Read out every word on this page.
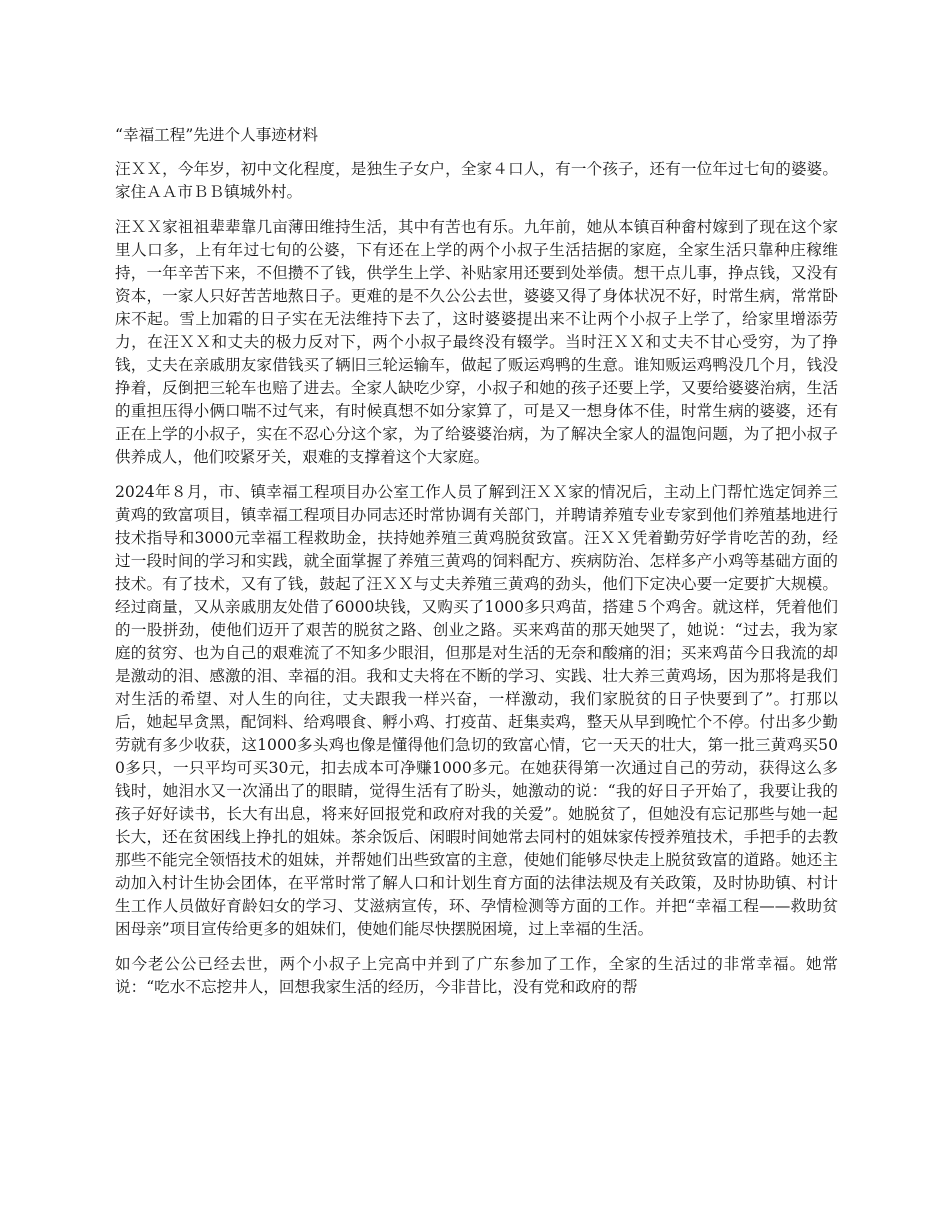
“幸福工程”先进个人事迹材料

汪ＸＸ，今年岁，初中文化程度，是独生子女户，全家４口人，有一个孩子，还有一位年过七旬的婆婆。家住ＡＡ市ＢＢ镇城外村。

汪ＸＸ家祖祖辈辈靠几亩薄田维持生活，其中有苦也有乐。九年前，她从本镇百种畲村嫁到了现在这个家里人口多，上有年过七旬的公婆，下有还在上学的两个小叔子生活拮据的家庭，全家生活只靠种庄稼维持，一年辛苦下来，不但攒不了钱，供学生上学、补贴家用还要到处举债。想干点儿事，挣点钱，又没有资本，一家人只好苦苦地熬日子。更难的是不久公公去世，婆婆又得了身体状况不好，时常生病，常常卧床不起。雪上加霜的日子实在无法维持下去了，这时婆婆提出来不让两个小叔子上学了，给家里增添劳力，在汪ＸＸ和丈夫的极力反对下，两个小叔子最终没有辍学。当时汪ＸＸ和丈夫不甘心受穷，为了挣钱，丈夫在亲戚朋友家借钱买了辆旧三轮运输车，做起了贩运鸡鸭的生意。谁知贩运鸡鸭没几个月，钱没挣着，反倒把三轮车也赔了进去。全家人缺吃少穿，小叔子和她的孩子还要上学，又要给婆婆治病，生活的重担压得小俩口喘不过气来，有时候真想不如分家算了，可是又一想身体不佳，时常生病的婆婆，还有正在上学的小叔子，实在不忍心分这个家，为了给婆婆治病，为了解决全家人的温饱问题，为了把小叔子供养成人，他们咬紧牙关，艰难的支撑着这个大家庭。

2024年８月，市、镇幸福工程项目办公室工作人员了解到汪ＸＸ家的情况后，主动上门帮忙选定饲养三黄鸡的致富项目，镇幸福工程项目办同志还时常协调有关部门，并聘请养殖专业专家到他们养殖基地进行技术指导和3000元幸福工程救助金，扶持她养殖三黄鸡脱贫致富。汪ＸＸ凭着勤劳好学肯吃苦的劲，经过一段时间的学习和实践，就全面掌握了养殖三黄鸡的饲料配方、疾病防治、怎样多产小鸡等基础方面的技术。有了技术，又有了钱，鼓起了汪ＸＸ与丈夫养殖三黄鸡的劲头，他们下定决心要一定要扩大规模。经过商量，又从亲戚朋友处借了6000块钱，又购买了1000多只鸡苗，搭建５个鸡舍。就这样，凭着他们的一股拼劲，使他们迈开了艰苦的脱贫之路、创业之路。买来鸡苗的那天她哭了，她说：“过去，我为家庭的贫穷、也为自己的艰难流了不知多少眼泪，但那是对生活的无奈和酸痛的泪；买来鸡苗今日我流的却是激动的泪、感激的泪、幸福的泪。我和丈夫将在不断的学习、实践、壮大养三黄鸡场，因为那将是我们对生活的希望、对人生的向往，丈夫跟我一样兴奋，一样激动，我们家脱贫的日子快要到了”。打那以后，她起早贪黑，配饲料、给鸡喂食、孵小鸡、打疫苗、赶集卖鸡，整天从早到晚忙个不停。付出多少勤劳就有多少收获，这1000多头鸡也像是懂得他们急切的致富心情，它一天天的壮大，第一批三黄鸡买500多只，一只平均可买30元，扣去成本可净赚1000多元。在她获得第一次通过自己的劳动，获得这么多钱时，她泪水又一次涌出了的眼睛，觉得生活有了盼头，她激动的说：“我的好日子开始了，我要让我的孩子好好读书，长大有出息，将来好回报党和政府对我的关爱”。她脱贫了，但她没有忘记那些与她一起长大，还在贫困线上挣扎的姐妹。茶余饭后、闲暇时间她常去同村的姐妹家传授养殖技术，手把手的去教那些不能完全领悟技术的姐妹，并帮她们出些致富的主意，使她们能够尽快走上脱贫致富的道路。她还主动加入村计生协会团体，在平常时常了解人口和计划生育方面的法律法规及有关政策，及时协助镇、村计生工作人员做好育龄妇女的学习、艾滋病宣传，环、孕情检测等方面的工作。并把“幸福工程——救助贫困母亲”项目宣传给更多的姐妹们，使她们能尽快摆脱困境，过上幸福的生活。

如今老公公已经去世，两个小叔子上完高中并到了广东参加了工作，全家的生活过的非常幸福。她常说：“吃水不忘挖井人，回想我家生活的经历，今非昔比，没有党和政府的帮
